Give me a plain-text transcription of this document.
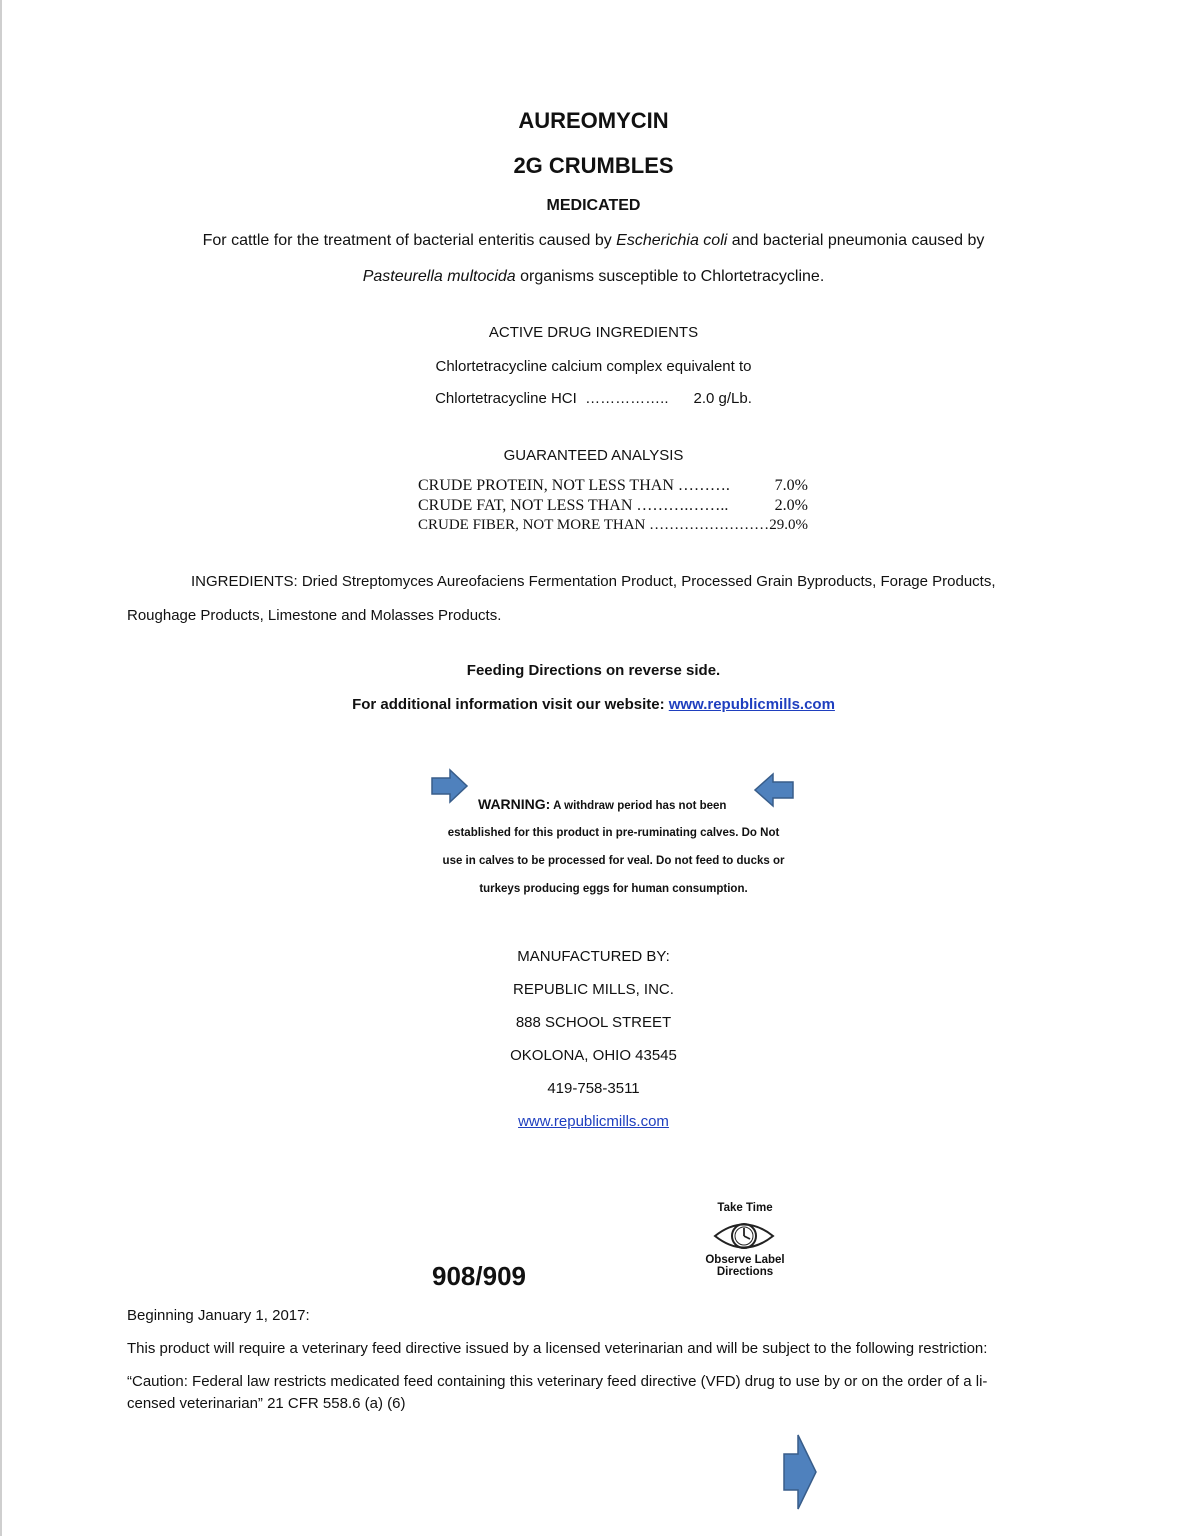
AUREOMYCIN
2G CRUMBLES
MEDICATED
For cattle for the treatment of bacterial enteritis caused by Escherichia coli and bacterial pneumonia caused by
Pasteurella multocida organisms susceptible to Chlortetracycline.
ACTIVE DRUG INGREDIENTS
Chlortetracycline calcium complex equivalent to
Chlortetracycline HCI …………….. 2.0 g/Lb.
GUARANTEED ANALYSIS
CRUDE PROTEIN, NOT LESS THAN ……….	7.0%
CRUDE FAT, NOT LESS THAN ……….……..	2.0%
CRUDE FIBER, NOT MORE THAN …………………… 29.0%
INGREDIENTS: Dried Streptomyces Aureofaciens Fermentation Product, Processed Grain Byproducts, Forage Products,
Roughage Products, Limestone and Molasses Products.
Feeding Directions on reverse side.
For additional information visit our website: www.republicmills.com
WARNING: A withdraw period has not been
established for this product in pre-ruminating calves. Do Not
use in calves to be processed for veal. Do not feed to ducks or
turkeys producing eggs for human consumption.
MANUFACTURED BY:
REPUBLIC MILLS, INC.
888 SCHOOL STREET
OKOLONA, OHIO 43545
419-758-3511
www.republicmills.com
Take Time
Observe Label
Directions
908/909
Beginning January 1, 2017:
This product will require a veterinary feed directive issued by a licensed veterinarian and will be subject to the following restriction:
“Caution: Federal law restricts medicated feed containing this veterinary feed directive (VFD) drug to use by or on the order of a li-
censed veterinarian” 21 CFR 558.6 (a) (6)
